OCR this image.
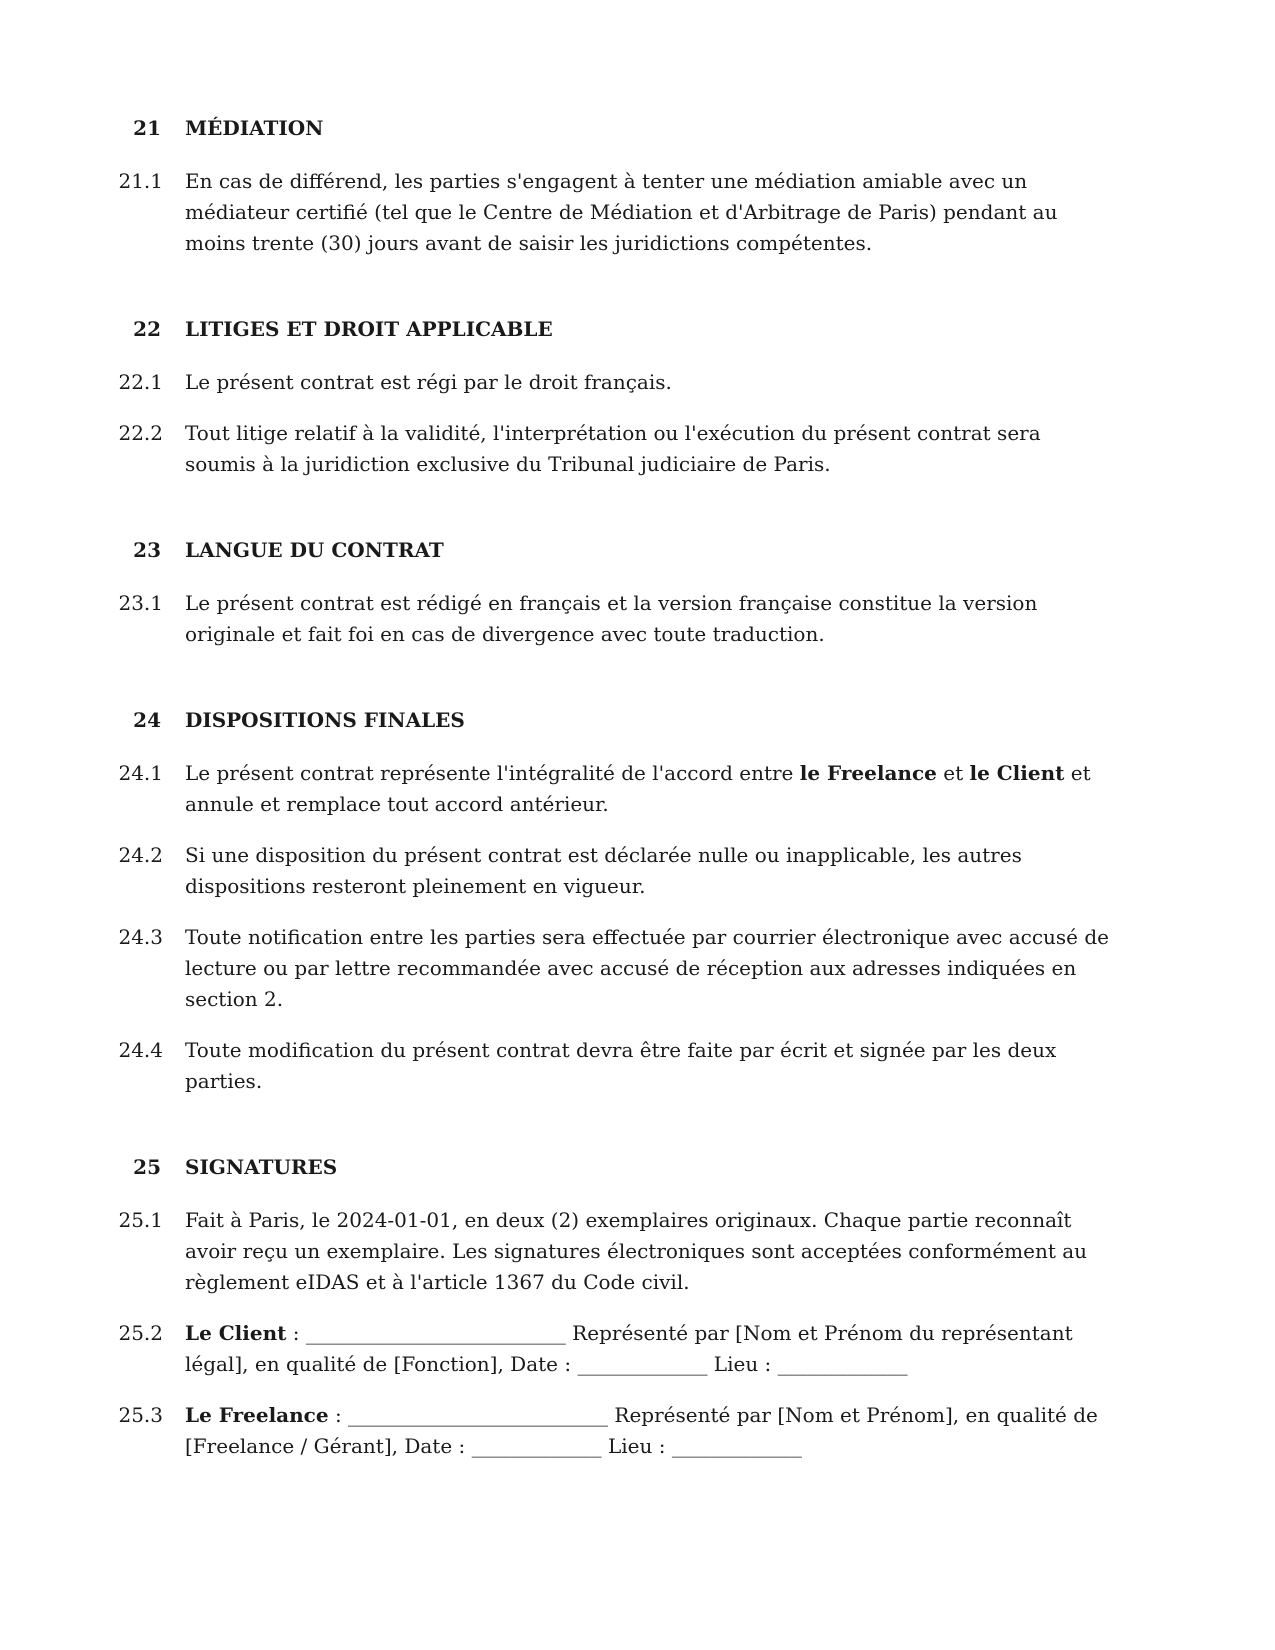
21	MÉDIATION
21.1	En cas de différend, les parties s'engagent à tenter une médiation amiable avec un médiateur certifié (tel que le Centre de Médiation et d'Arbitrage de Paris) pendant au moins trente (30) jours avant de saisir les juridictions compétentes.
22	LITIGES ET DROIT APPLICABLE
22.1	Le présent contrat est régi par le droit français.
22.2	Tout litige relatif à la validité, l'interprétation ou l'exécution du présent contrat sera soumis à la juridiction exclusive du Tribunal judiciaire de Paris.
23	LANGUE DU CONTRAT
23.1	Le présent contrat est rédigé en français et la version française constitue la version originale et fait foi en cas de divergence avec toute traduction.
24	DISPOSITIONS FINALES
24.1	Le présent contrat représente l'intégralité de l'accord entre le Freelance et le Client et annule et remplace tout accord antérieur.
24.2	Si une disposition du présent contrat est déclarée nulle ou inapplicable, les autres dispositions resteront pleinement en vigueur.
24.3	Toute notification entre les parties sera effectuée par courrier électronique avec accusé de lecture ou par lettre recommandée avec accusé de réception aux adresses indiquées en section 2.
24.4	Toute modification du présent contrat devra être faite par écrit et signée par les deux parties.
25	SIGNATURES
25.1	Fait à Paris, le 2024-01-01, en deux (2) exemplaires originaux. Chaque partie reconnaît avoir reçu un exemplaire. Les signatures électroniques sont acceptées conformément au règlement eIDAS et à l'article 1367 du Code civil.
25.2	Le Client : __________________________ Représenté par [Nom et Prénom du représentant légal], en qualité de [Fonction], Date : _____________ Lieu : _____________
25.3	Le Freelance : __________________________ Représenté par [Nom et Prénom], en qualité de [Freelance / Gérant], Date : _____________ Lieu : _____________
